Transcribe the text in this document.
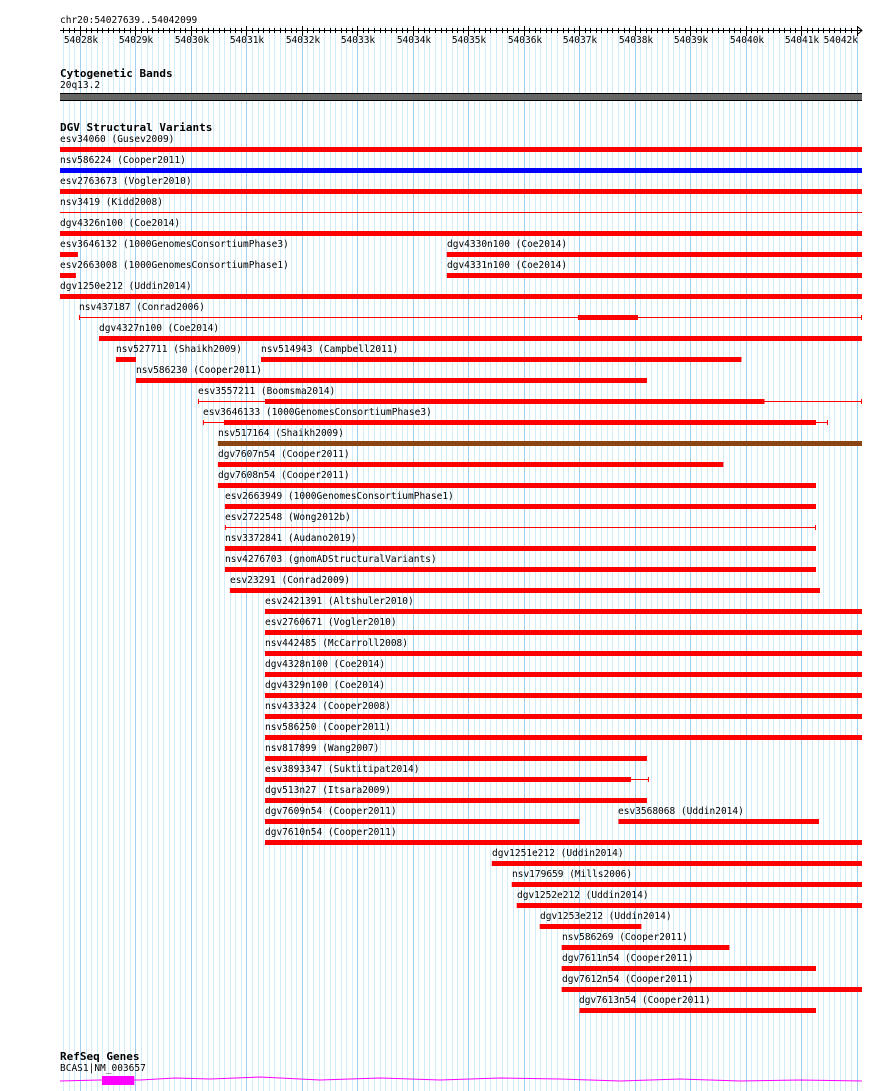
chr20:54027639..54042099
54028k 54029k 54030k 54031k 54032k 54033k 54034k 54035k 54036k 54037k 54038k 54039k 54040k 54041k 54042k
Cytogenetic Bands
20q13.2
DGV Structural Variants
esv34060 (Gusev2009)
nsv586224 (Cooper2011)
esv2763673 (Vogler2010)
nsv3419 (Kidd2008)
dgv4326n100 (Coe2014)
esv3646132 (1000GenomesConsortiumPhase3)	dgv4330n100 (Coe2014)
esv2663008 (1000GenomesConsortiumPhase1)	dgv4331n100 (Coe2014)
dgv1250e212 (Uddin2014)
nsv437187 (Conrad2006)
dgv4327n100 (Coe2014)
nsv527711 (Shaikh2009) nsv514943 (Campbell2011)
nsv586230 (Cooper2011)
esv3557211 (Boomsma2014)
esv3646133 (1000GenomesConsortiumPhase3)
nsv517164 (Shaikh2009)
dgv7607n54 (Cooper2011)
dgv7608n54 (Cooper2011)
esv2663949 (1000GenomesConsortiumPhase1)
esv2722548 (Wong2012b)
nsv3372841 (Audano2019)
nsv4276703 (gnomADStructuralVariants)
esv23291 (Conrad2009)
esv2421391 (Altshuler2010)
esv2760671 (Vogler2010)
nsv442485 (McCarroll2008)
dgv4328n100 (Coe2014)
dgv4329n100 (Coe2014)
nsv433324 (Cooper2008)
nsv586250 (Cooper2011)
nsv817899 (Wang2007)
esv3893347 (Suktitipat2014)
dgv513n27 (Itsara2009)
dgv7609n54 (Cooper2011)	esv3568068 (Uddin2014)
dgv7610n54 (Cooper2011)
dgv1251e212 (Uddin2014)
nsv179659 (Mills2006)
dgv1252e212 (Uddin2014)
dgv1253e212 (Uddin2014)
nsv586269 (Cooper2011)
dgv7611n54 (Cooper2011)
dgv7612n54 (Cooper2011)
dgv7613n54 (Cooper2011)
RefSeq Genes
BCAS1|NM_003657
